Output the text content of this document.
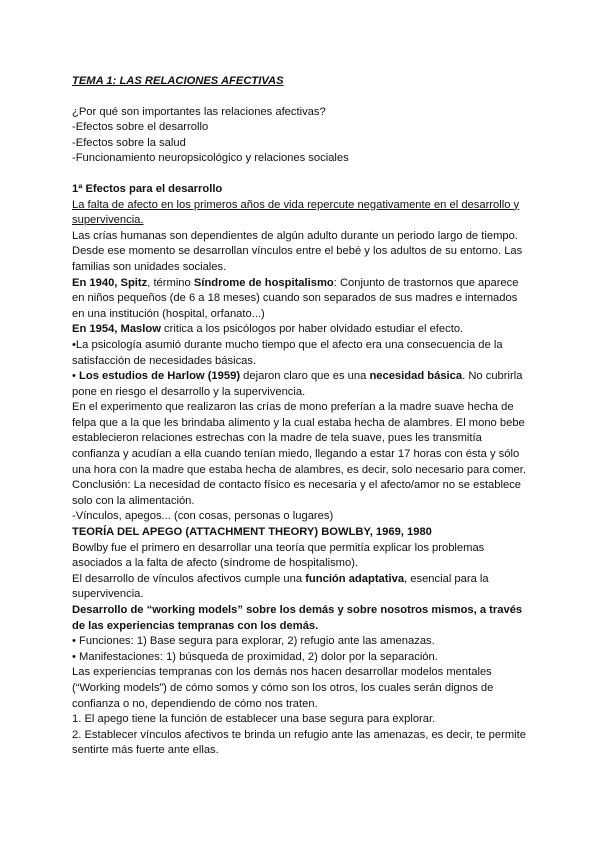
TEMA 1: LAS RELACIONES AFECTIVAS

¿Por qué son importantes las relaciones afectivas?

-Efectos sobre el desarrollo

-Efectos sobre la salud

-Funcionamiento neuropsicológico y relaciones sociales

1ª Efectos para el desarrollo

La falta de afecto en los primeros años de vida repercute negativamente en el desarrollo y supervivencia.

Las crías humanas son dependientes de algún adulto durante un periodo largo de tiempo. Desde ese momento se desarrollan vínculos entre el bebé y los adultos de su entorno. Las familias son unidades sociales.

En 1940, Spitz, término Síndrome de hospitalismo: Conjunto de trastornos que aparece en niños pequeños (de 6 a 18 meses) cuando son separados de sus madres e internados en una institución (hospital, orfanato...)

En 1954, Maslow critica a los psicólogos por haber olvidado estudiar el efecto.

•La psicología asumió durante mucho tiempo que el afecto era una consecuencia de la satisfacción de necesidades básicas.

• Los estudios de Harlow (1959) dejaron claro que es una necesidad básica. No cubrirla pone en riesgo el desarrollo y la supervivencia.

En el experimento que realizaron las crías de mono preferían a la madre suave hecha de felpa que a la que les brindaba alimento y la cual estaba hecha de alambres. El mono bebe establecieron relaciones estrechas con la madre de tela suave, pues les transmitía confianza y acudían a ella cuando tenían miedo, llegando a estar 17 horas con ésta y sólo una hora con la madre que estaba hecha de alambres, es decir, solo necesario para comer.

Conclusión: La necesidad de contacto físico es necesaria y el afecto/amor no se establece solo con la alimentación.

-Vínculos, apegos... (con cosas, personas o lugares)

TEORÍA DEL APEGO (ATTACHMENT THEORY) BOWLBY, 1969, 1980

Bowlby fue el primero en desarrollar una teoría que permitía explicar los problemas asociados a la falta de afecto (síndrome de hospitalismo).

El desarrollo de vínculos afectivos cumple una función adaptativa, esencial para la supervivencia.

Desarrollo de “working models” sobre los demás y sobre nosotros mismos, a través de las experiencias tempranas con los demás.

• Funciones: 1) Base segura para explorar, 2) refugio ante las amenazas.

• Manifestaciones: 1) búsqueda de proximidad, 2) dolor por la separación.

Las experiencias tempranas con los demás nos hacen desarrollar modelos mentales (“Working models”) de cómo somos y cómo son los otros, los cuales serán dignos de confianza o no, dependiendo de cómo nos traten.

1. El apego tiene la función de establecer una base segura para explorar.

2. Establecer vínculos afectivos te brinda un refugio ante las amenazas, es decir, te permite sentirte más fuerte ante ellas.
